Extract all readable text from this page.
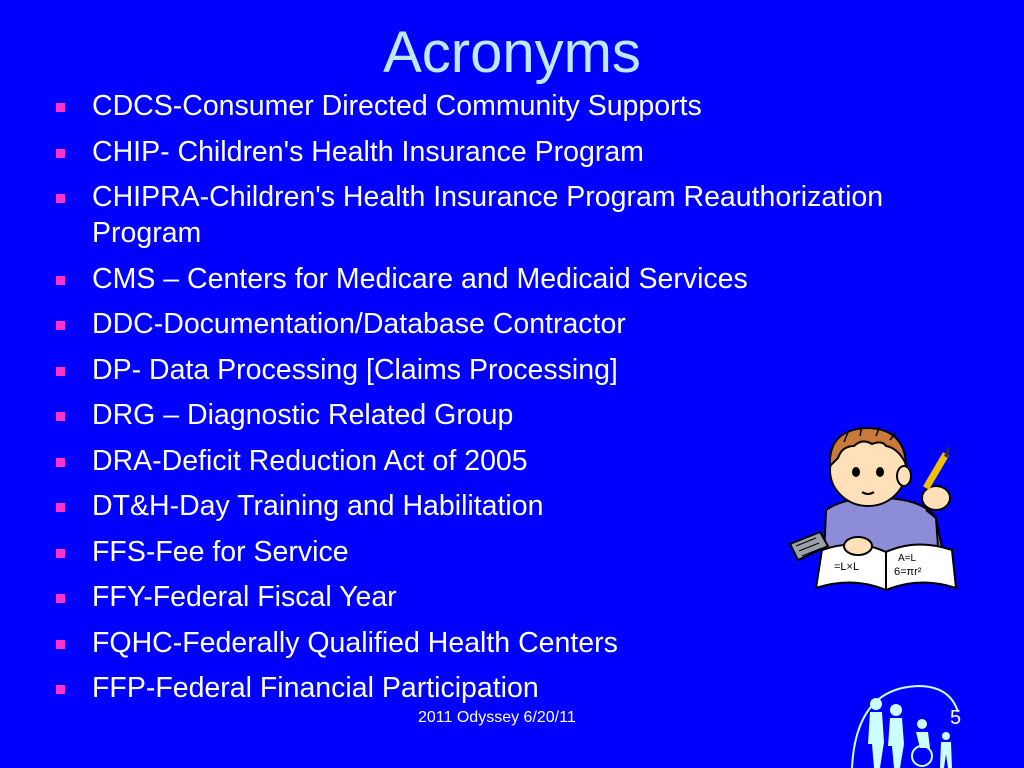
Acronyms
CDCS-Consumer Directed Community Supports
CHIP- Children's Health Insurance Program
CHIPRA-Children's Health Insurance Program Reauthorization Program
CMS – Centers for Medicare and Medicaid Services
DDC-Documentation/Database Contractor
DP- Data Processing [Claims Processing]
DRG – Diagnostic Related Group
DRA-Deficit Reduction Act of 2005
DT&H-Day Training and Habilitation
FFS-Fee for Service
FFY-Federal Fiscal Year
FQHC-Federally Qualified Health Centers
FFP-Federal Financial Participation
=L×L
A=L
6=πr²
2011 Odyssey 6/20/11	5
